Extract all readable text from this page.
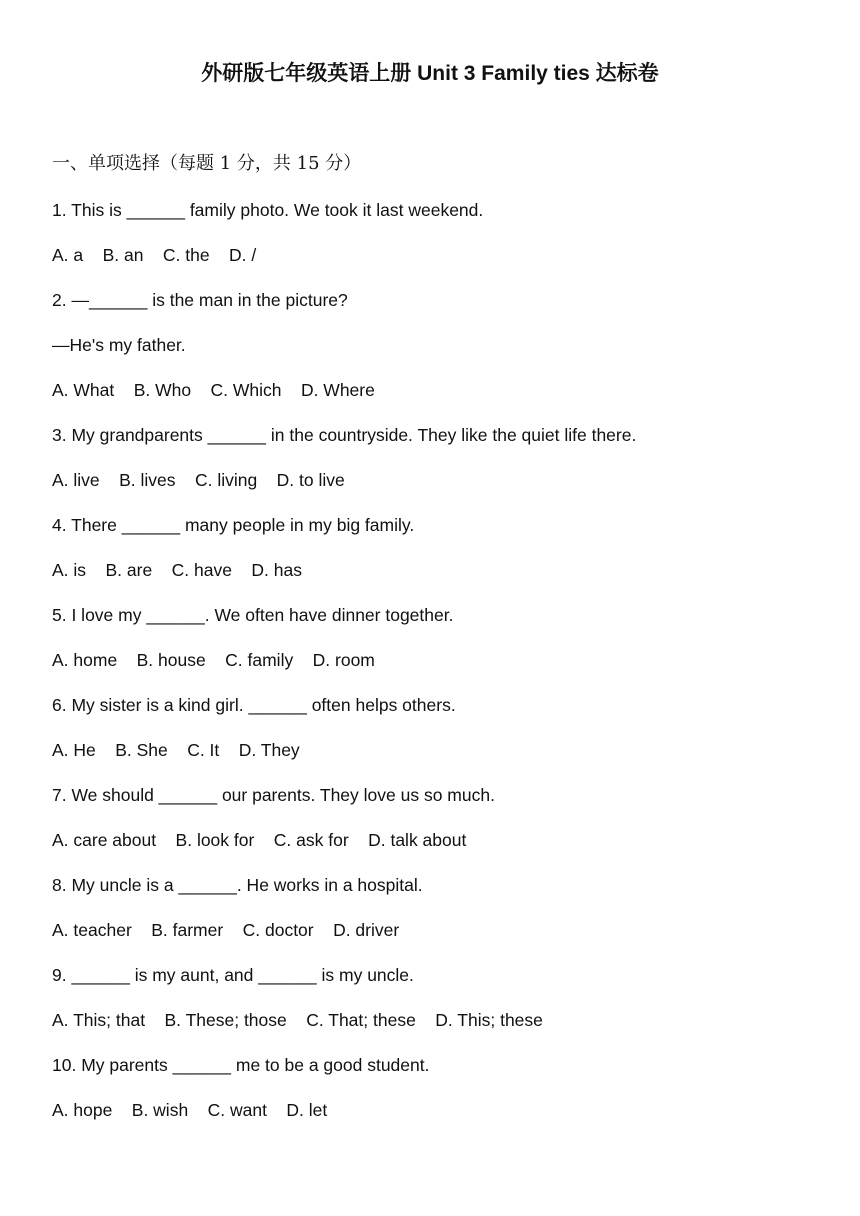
外研版七年级英语上册 Unit 3 Family ties 达标卷
一、单项选择（每题 1 分，共 15 分）
1. This is ______ family photo. We took it last weekend.
A. a    B. an    C. the    D. /
2. —______ is the man in the picture?
—He's my father.
A. What    B. Who    C. Which    D. Where
3. My grandparents ______ in the countryside. They like the quiet life there.
A. live    B. lives    C. living    D. to live
4. There ______ many people in my big family.
A. is    B. are    C. have    D. has
5. I love my ______. We often have dinner together.
A. home    B. house    C. family    D. room
6. My sister is a kind girl. ______ often helps others.
A. He    B. She    C. It    D. They
7. We should ______ our parents. They love us so much.
A. care about    B. look for    C. ask for    D. talk about
8. My uncle is a ______. He works in a hospital.
A. teacher    B. farmer    C. doctor    D. driver
9. ______ is my aunt, and ______ is my uncle.
A. This; that    B. These; those    C. That; these    D. This; these
10. My parents ______ me to be a good student.
A. hope    B. wish    C. want    D. let
